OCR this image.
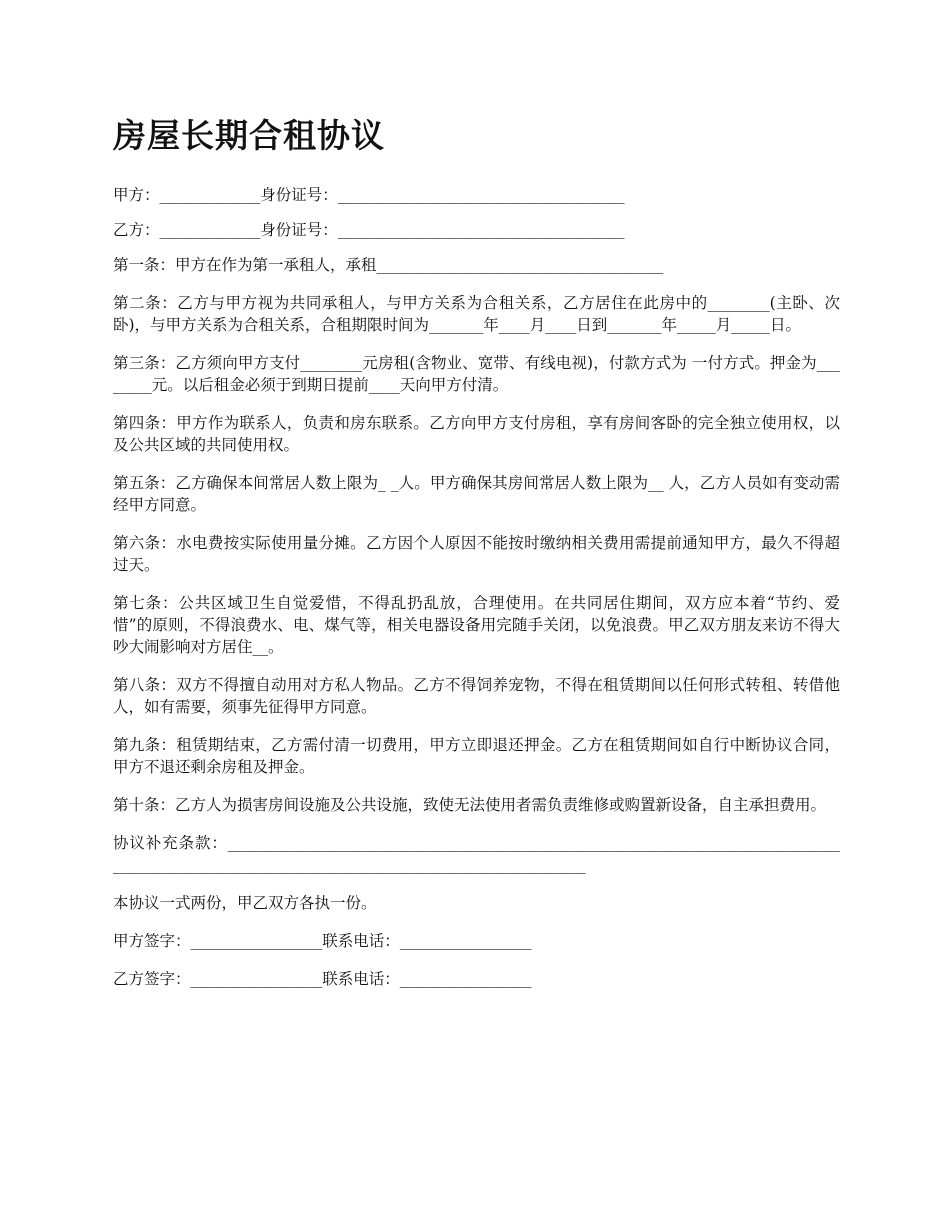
房屋长期合租协议

甲方：_____________身份证号：_____________________________________

乙方：_____________身份证号：_____________________________________

第一条：甲方在作为第一承租人，承租_____________________________________

第二条：乙方与甲方视为共同承租人，与甲方关系为合租关系，乙方居住在此房中的________(主卧、次卧)，与甲方关系为合租关系，合租期限时间为_______年____月____日到_______年_____月_____日。

第三条：乙方须向甲方支付________元房租(含物业、宽带、有线电视)，付款方式为 一付方式。押金为________元。以后租金必须于到期日提前____天向甲方付清。

第四条：甲方作为联系人，负责和房东联系。乙方向甲方支付房租，享有房间客卧的完全独立使用权，以及公共区域的共同使用权。

第五条：乙方确保本间常居人数上限为_ _人。甲方确保其房间常居人数上限为__ 人，乙方人员如有变动需经甲方同意。

第六条：水电费按实际使用量分摊。乙方因个人原因不能按时缴纳相关费用需提前通知甲方，最久不得超过天。

第七条：公共区域卫生自觉爱惜，不得乱扔乱放，合理使用。在共同居住期间，双方应本着“节约、爱惜”的原则，不得浪费水、电、煤气等，相关电器设备用完随手关闭，以免浪费。甲乙双方朋友来访不得大吵大闹影响对方居住__。

第八条：双方不得擅自动用对方私人物品。乙方不得饲养宠物，不得在租赁期间以任何形式转租、转借他人，如有需要，须事先征得甲方同意。

第九条：租赁期结束，乙方需付清一切费用，甲方立即退还押金。乙方在租赁期间如自行中断协议合同，甲方不退还剩余房租及押金。

第十条：乙方人为损害房间设施及公共设施，致使无法使用者需负责维修或购置新设备，自主承担费用。

协议补充条款：____________________________________________________________________________________________________________________________________________

本协议一式两份，甲乙双方各执一份。

甲方签字：_________________联系电话：_________________

乙方签字：_________________联系电话：_________________
